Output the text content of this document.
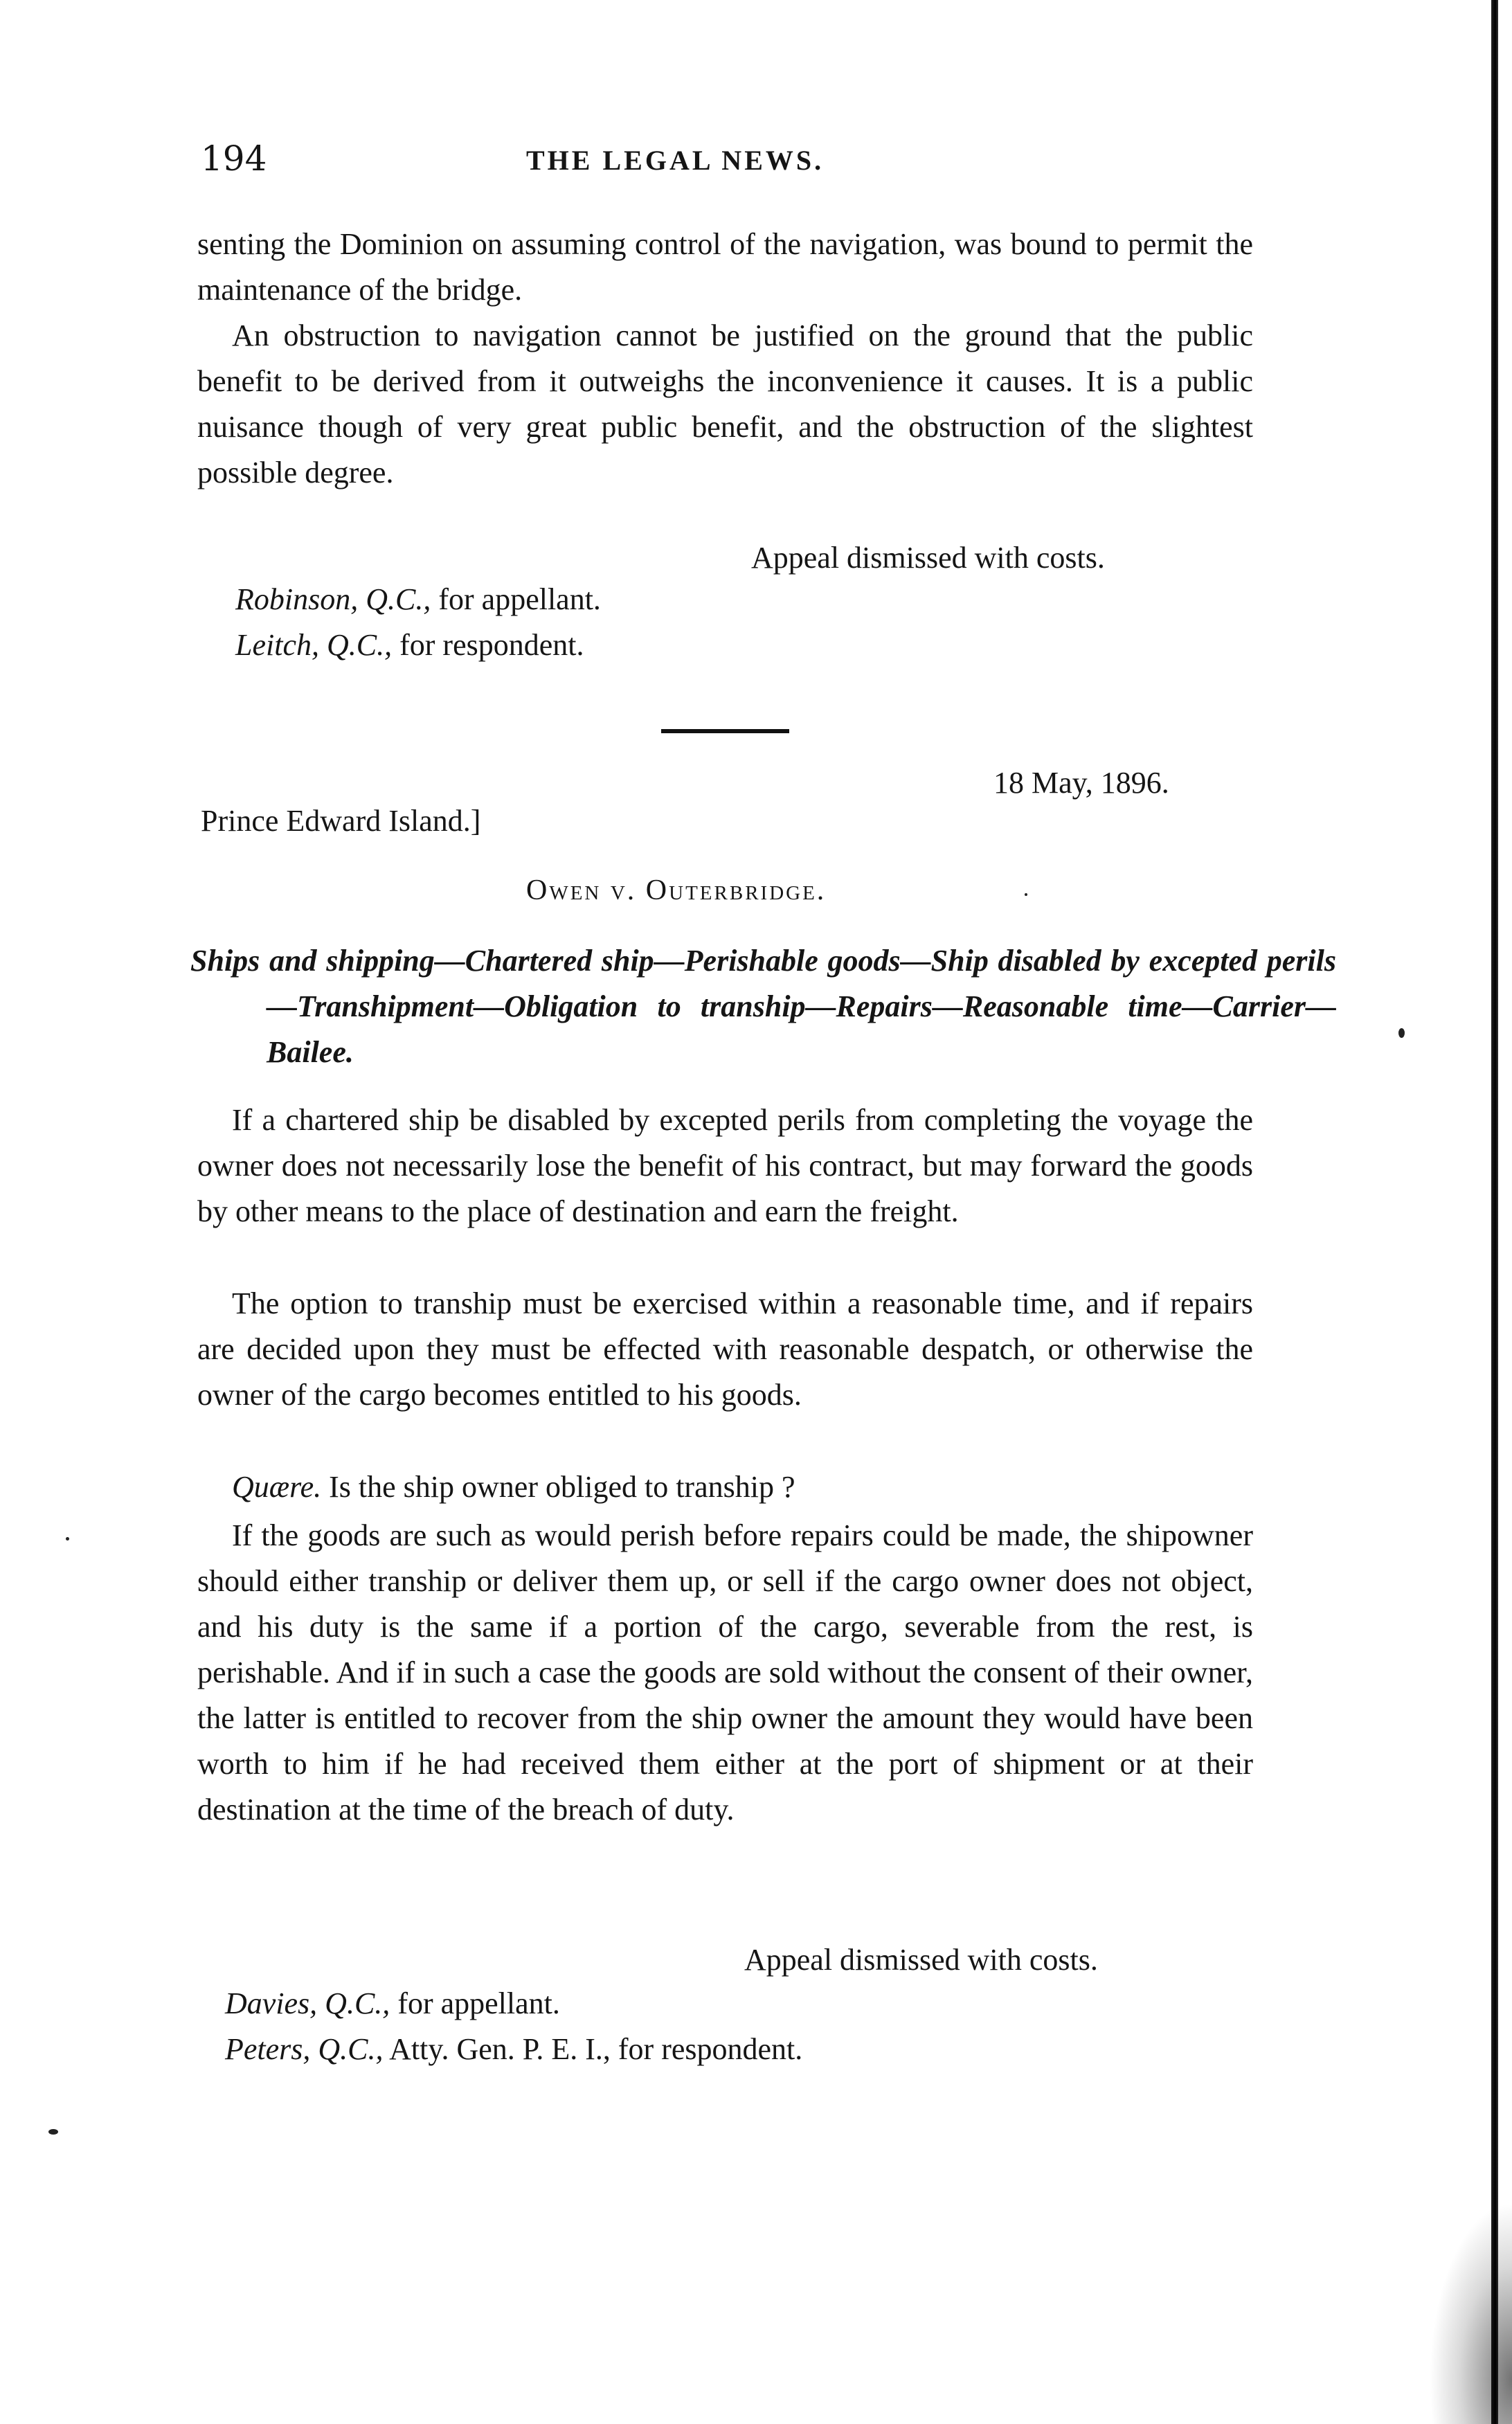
194	THE LEGAL NEWS.

senting the Dominion on assuming control of the navigation, was bound to permit the maintenance of the bridge.

An obstruction to navigation cannot be justified on the ground that the public benefit to be derived from it outweighs the inconvenience it causes. It is a public nuisance though of very great public benefit, and the obstruction of the slightest possible degree.

Appeal dismissed with costs.
Robinson, Q.C., for appellant.
Leitch, Q.C., for respondent.
18 May, 1896.
Prince Edward Island.]
Owen v. Outerbridge.

Ships and shipping—Chartered ship—Perishable goods—Ship disabled by excepted perils—Transhipment—Obligation to tranship—Repairs—Reasonable time—Carrier—Bailee.

If a chartered ship be disabled by excepted perils from completing the voyage the owner does not necessarily lose the benefit of his contract, but may forward the goods by other means to the place of destination and earn the freight.

The option to tranship must be exercised within a reasonable time, and if repairs are decided upon they must be effected with reasonable despatch, or otherwise the owner of the cargo becomes entitled to his goods.

Quære. Is the ship owner obliged to tranship ?

If the goods are such as would perish before repairs could be made, the shipowner should either tranship or deliver them up, or sell if the cargo owner does not object, and his duty is the same if a portion of the cargo, severable from the rest, is perishable. And if in such a case the goods are sold without the consent of their owner, the latter is entitled to recover from the ship owner the amount they would have been worth to him if he had received them either at the port of shipment or at their destination at the time of the breach of duty.

Appeal dismissed with costs.
Davies, Q.C., for appellant.
Peters, Q.C., Atty. Gen. P. E. I., for respondent.
